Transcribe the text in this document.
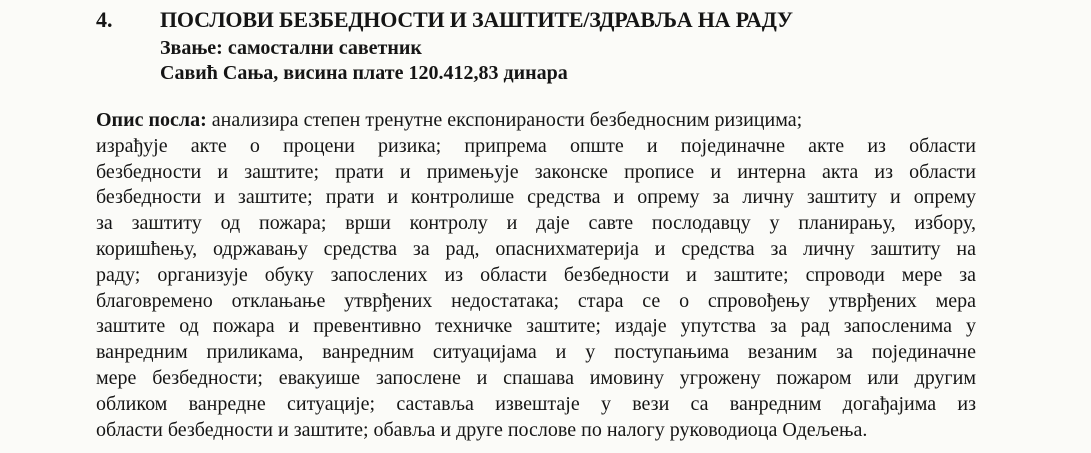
4. ПОСЛОВИ БЕЗБЕДНОСТИ И ЗАШТИТЕ/ЗДРАВЉА НА РАДУ
Звање: самостални саветник
Савић Сања, висина плате 120.412,83 динара
Опис посла: анализира степен тренутне експонираности безбедносним ризицима;
израђује акте о процени ризика; припрема опште и појединачне акте из области
безбедности и заштите; прати и примењује законске прописе и интерна акта из области
безбедности и заштите; прати и контролише средства и опрему за личну заштиту и опрему
за заштиту од пожара; врши контролу и даје савте послодавцу у планирању, избору,
коришћењу, одржавању средства за рад, опаснихматерија и средства за личну заштиту на
раду; организује обуку запослених из области безбедности и заштите; спроводи мере за
благовремено отклањање утврђених недостатака; стара се о спровођењу утврђених мера
заштите од пожара и превентивно техничке заштите; издаје упутства за рад запосленима у
ванредним приликама, ванредним ситуацијама и у поступањима везаним за појединачне
мере безбедности; евакуише запослене и спашава имовину угрожену пожаром или другим
обликом ванредне ситуације; саставља извештаје у вези са ванредним догађајима из
области безбедности и заштите; обавља и друге послове по налогу руководиоца Одељења.
